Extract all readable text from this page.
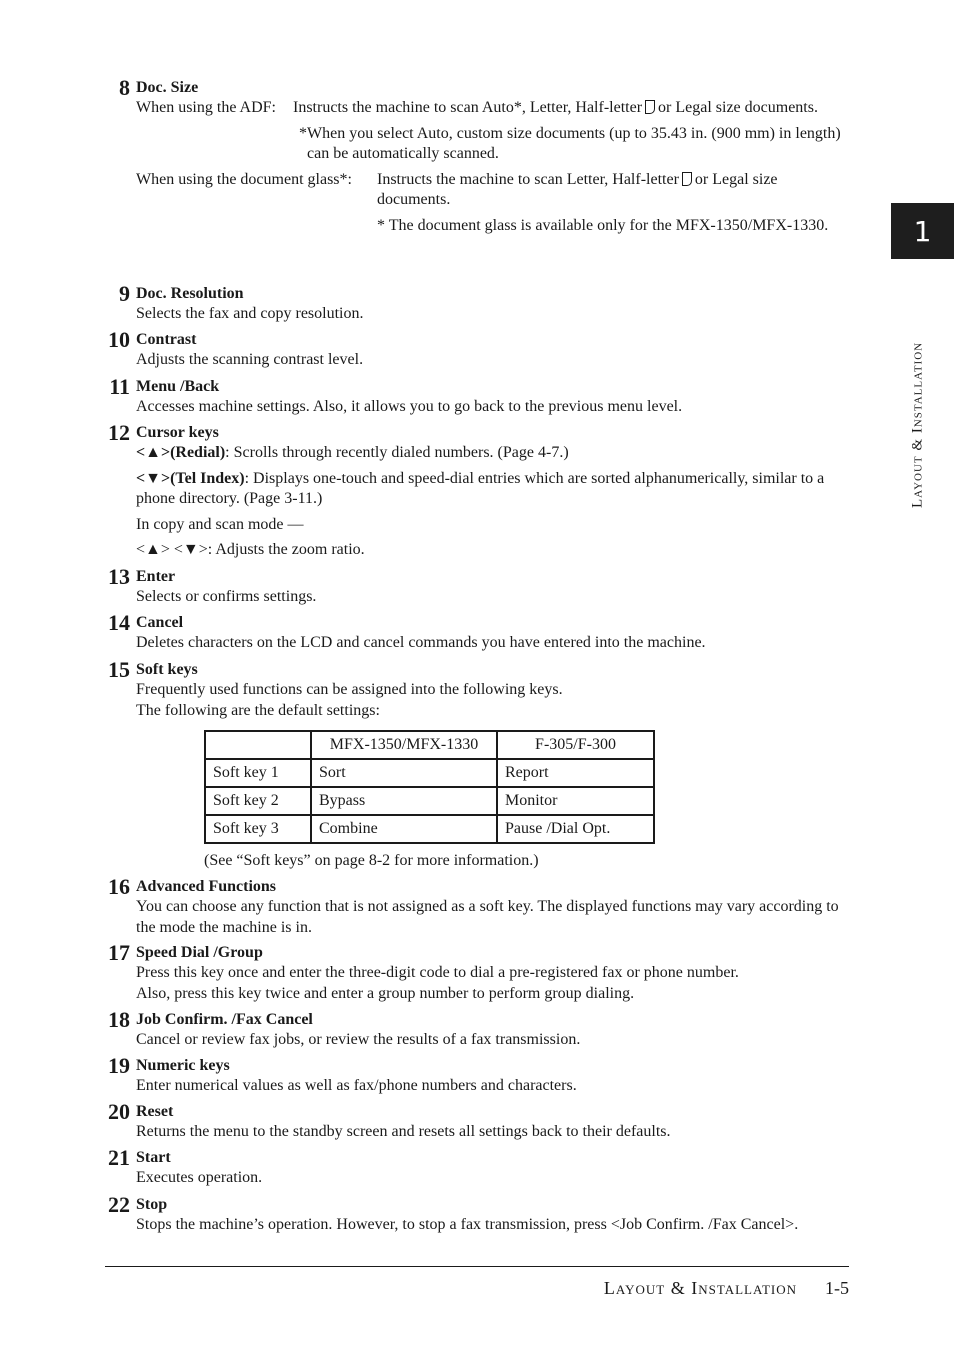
8 Doc. Size
When using the ADF: Instructs the machine to scan Auto*, Letter, Half-letter or Legal size documents.
*When you select Auto, custom size documents (up to 35.43 in. (900 mm) in length) can be automatically scanned.
When using the document glass*: Instructs the machine to scan Letter, Half-letter or Legal size documents.
* The document glass is available only for the MFX-1350/MFX-1330.
9 Doc. Resolution
Selects the fax and copy resolution.
10 Contrast
Adjusts the scanning contrast level.
11 Menu /Back
Accesses machine settings. Also, it allows you to go back to the previous menu level.
12 Cursor keys
<▲>(Redial): Scrolls through recently dialed numbers. (Page 4-7.)
<▼>(Tel Index): Displays one-touch and speed-dial entries which are sorted alphanumerically, similar to a phone directory. (Page 3-11.)
In copy and scan mode —
<▲> <▼>: Adjusts the zoom ratio.
13 Enter
Selects or confirms settings.
14 Cancel
Deletes characters on the LCD and cancel commands you have entered into the machine.
15 Soft keys
Frequently used functions can be assigned into the following keys.
The following are the default settings:
	MFX-1350/MFX-1330	F-305/F-300
Soft key 1	Sort	Report
Soft key 2	Bypass	Monitor
Soft key 3	Combine	Pause /Dial Opt.
(See “Soft keys” on page 8-2 for more information.)
16 Advanced Functions
You can choose any function that is not assigned as a soft key. The displayed functions may vary according to the mode the machine is in.
17 Speed Dial /Group
Press this key once and enter the three-digit code to dial a pre-registered fax or phone number.
Also, press this key twice and enter a group number to perform group dialing.
18 Job Confirm. /Fax Cancel
Cancel or review fax jobs, or review the results of a fax transmission.
19 Numeric keys
Enter numerical values as well as fax/phone numbers and characters.
20 Reset
Returns the menu to the standby screen and resets all settings back to their defaults.
21 Start
Executes operation.
22 Stop
Stops the machine’s operation. However, to stop a fax transmission, press <Job Confirm. /Fax Cancel>.
1
Layout & Installation
Layout & Installation 1-5
